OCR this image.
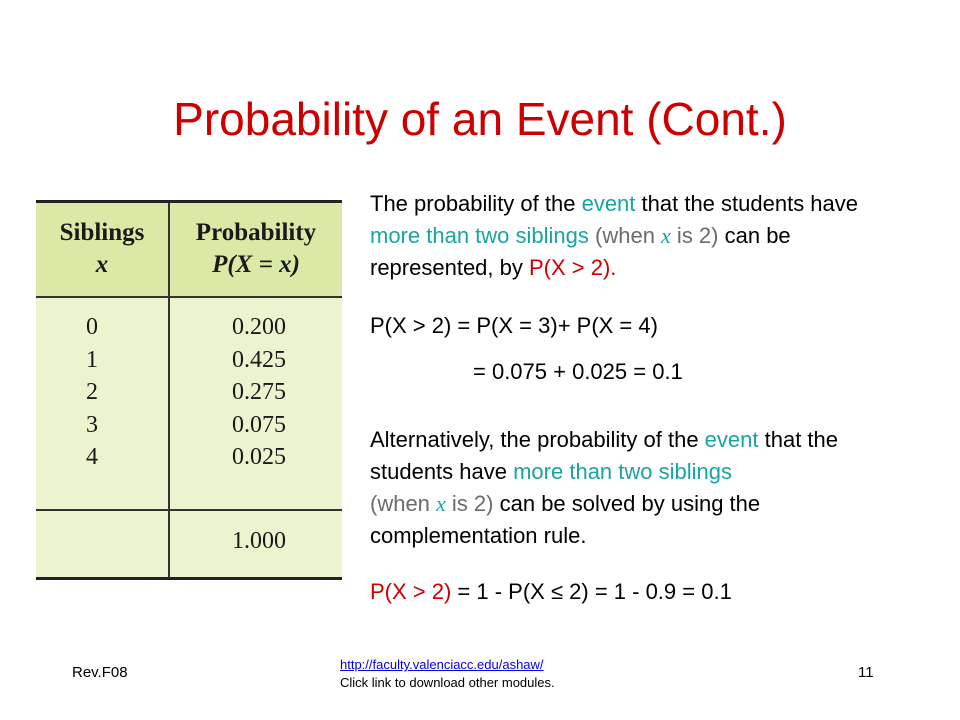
Probability of an Event (Cont.)
Siblings
x
Probability
P(X = x)
0
1
2
3
4
0.200
0.425
0.275
0.075
0.025
1.000
The probability of the event that the students have more than two siblings (when x is 2) can be represented, by P(X > 2).
P(X > 2) = P(X = 3)+ P(X = 4)
= 0.075 + 0.025 = 0.1
Alternatively, the probability of the event that the students have more than two siblings
(when x is 2) can be solved by using the complementation rule.
P(X > 2) = 1 - P(X ≤ 2) = 1 - 0.9 = 0.1
Rev.F08	http://faculty.valenciacc.edu/ashaw/
Click link to download other modules.
11
